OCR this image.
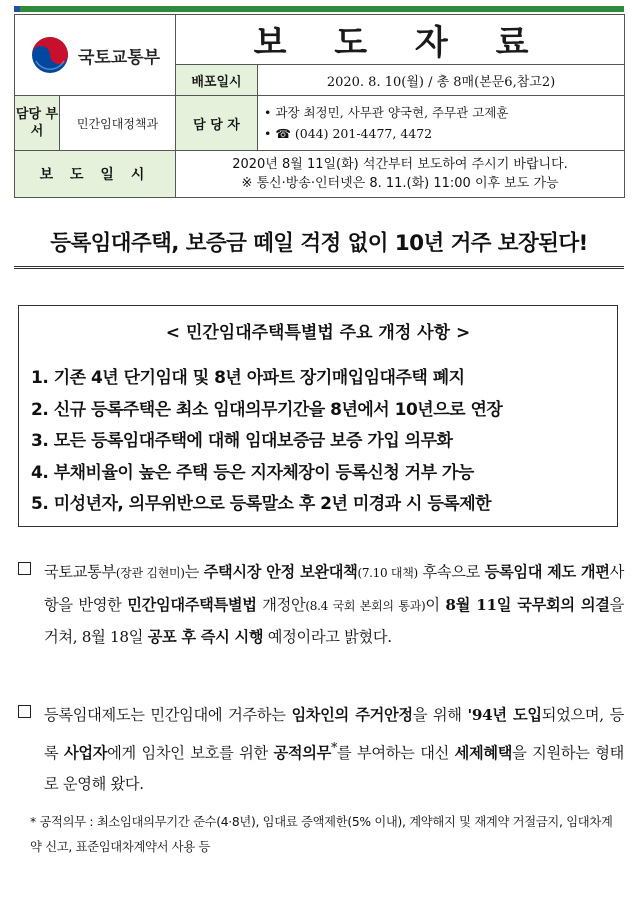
국토교통부		보 도 자 료	
		배포일시	2020. 8. 10(월) / 총 8매(본문6,참고2)
담당 부서	민간임대정책과	담 당 자	• 과장 최정민, 사무관 양국현, 주무관 고제훈
• ☎ (044) 201-4477, 4472

보 도 일 시		2020년 8월 11일(화) 석간부터 보도하여 주시기 바랍니다.
※ 통신·방송·인터넷은 8. 11.(화) 11:00 이후 보도 가능	
등록임대주택, 보증금 떼일 걱정 없이 10년 거주 보장된다!
< 민간임대주택특별법 주요 개정 사항 >
1. 기존 4년 단기임대 및 8년 아파트 장기매입임대주택 폐지
2. 신규 등록주택은 최소 임대의무기간을 8년에서 10년으로 연장
3. 모든 등록임대주택에 대해 임대보증금 보증 가입 의무화
4. 부채비율이 높은 주택 등은 지자체장이 등록신청 거부 가능
5. 미성년자, 의무위반으로 등록말소 후 2년 미경과 시 등록제한
국토교통부(장관 김현미)는 주택시장 안정 보완대책(7.10 대책) 후속으로 등록임대 제도 개편사항을 반영한 민간임대주택특별법 개정안(8.4 국회 본회의 통과)이 8월 11일 국무회의 의결을 거쳐, 8월 18일 공포 후 즉시 시행 예정이라고 밝혔다.
등록임대제도는 민간임대에 거주하는 임차인의 주거안정을 위해 '94년 도입되었으며, 등록 사업자에게 임차인 보호를 위한 공적의무*를 부여하는 대신 세제혜택을 지원하는 형태로 운영해 왔다.
* 공적의무 : 최소임대의무기간 준수(4·8년), 임대료 증액제한(5% 이내), 계약해지 및 재계약 거절금지, 임대차계약 신고, 표준임대차계약서 사용 등
